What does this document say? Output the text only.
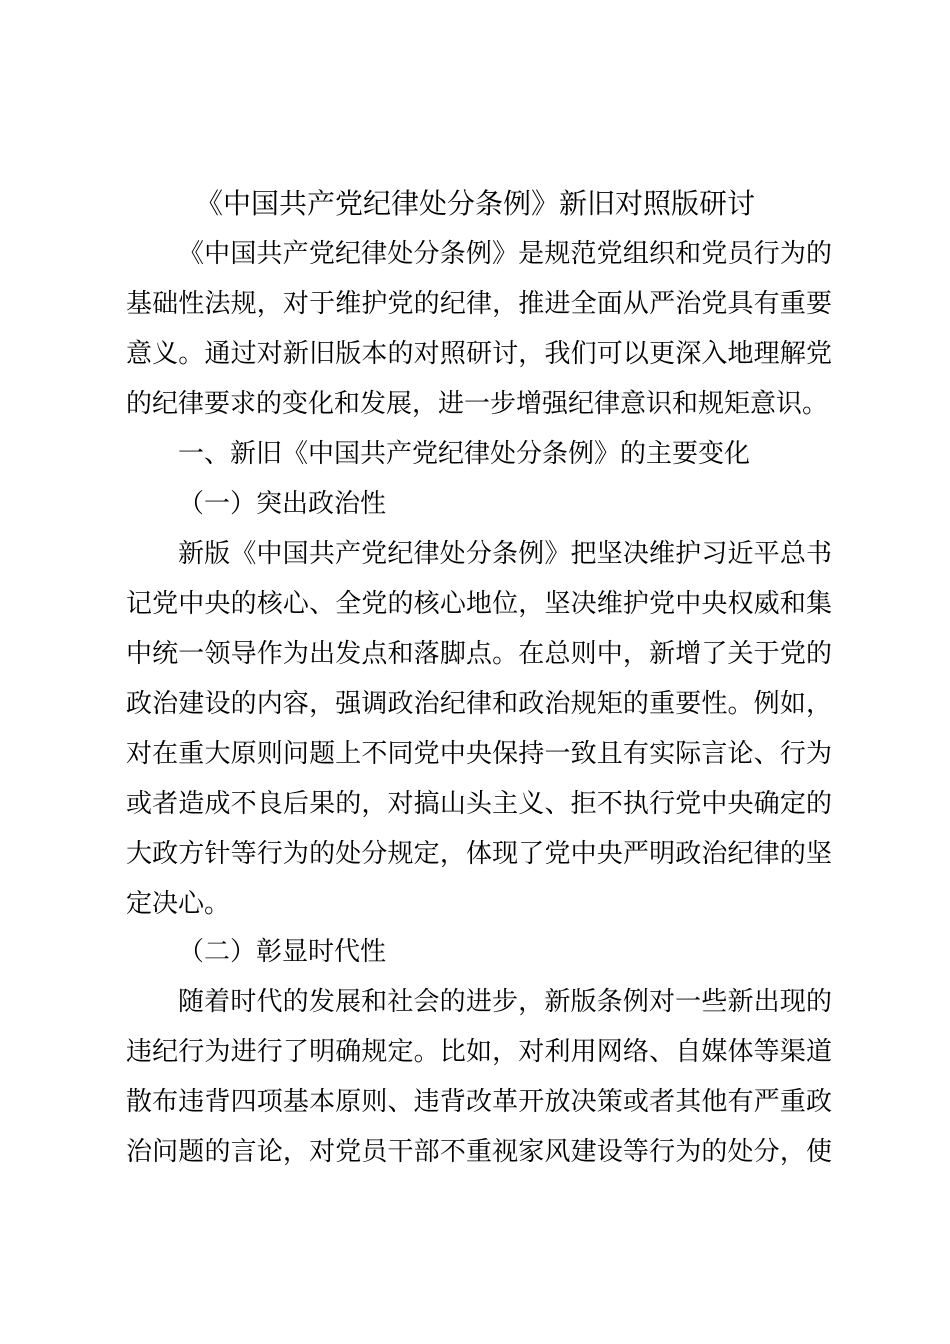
《中国共产党纪律处分条例》新旧对照版研讨
《中国共产党纪律处分条例》是规范党组织和党员行为的
基础性法规，对于维护党的纪律，推进全面从严治党具有重要
意义。通过对新旧版本的对照研讨，我们可以更深入地理解党
的纪律要求的变化和发展，进一步增强纪律意识和规矩意识。
一、新旧《中国共产党纪律处分条例》的主要变化
（一）突出政治性
新版《中国共产党纪律处分条例》把坚决维护习近平总书
记党中央的核心、全党的核心地位，坚决维护党中央权威和集
中统一领导作为出发点和落脚点。在总则中，新增了关于党的
政治建设的内容，强调政治纪律和政治规矩的重要性。例如，
对在重大原则问题上不同党中央保持一致且有实际言论、行为
或者造成不良后果的，对搞山头主义、拒不执行党中央确定的
大政方针等行为的处分规定，体现了党中央严明政治纪律的坚
定决心。
（二）彰显时代性
随着时代的发展和社会的进步，新版条例对一些新出现的
违纪行为进行了明确规定。比如，对利用网络、自媒体等渠道
散布违背四项基本原则、违背改革开放决策或者其他有严重政
治问题的言论，对党员干部不重视家风建设等行为的处分，使
